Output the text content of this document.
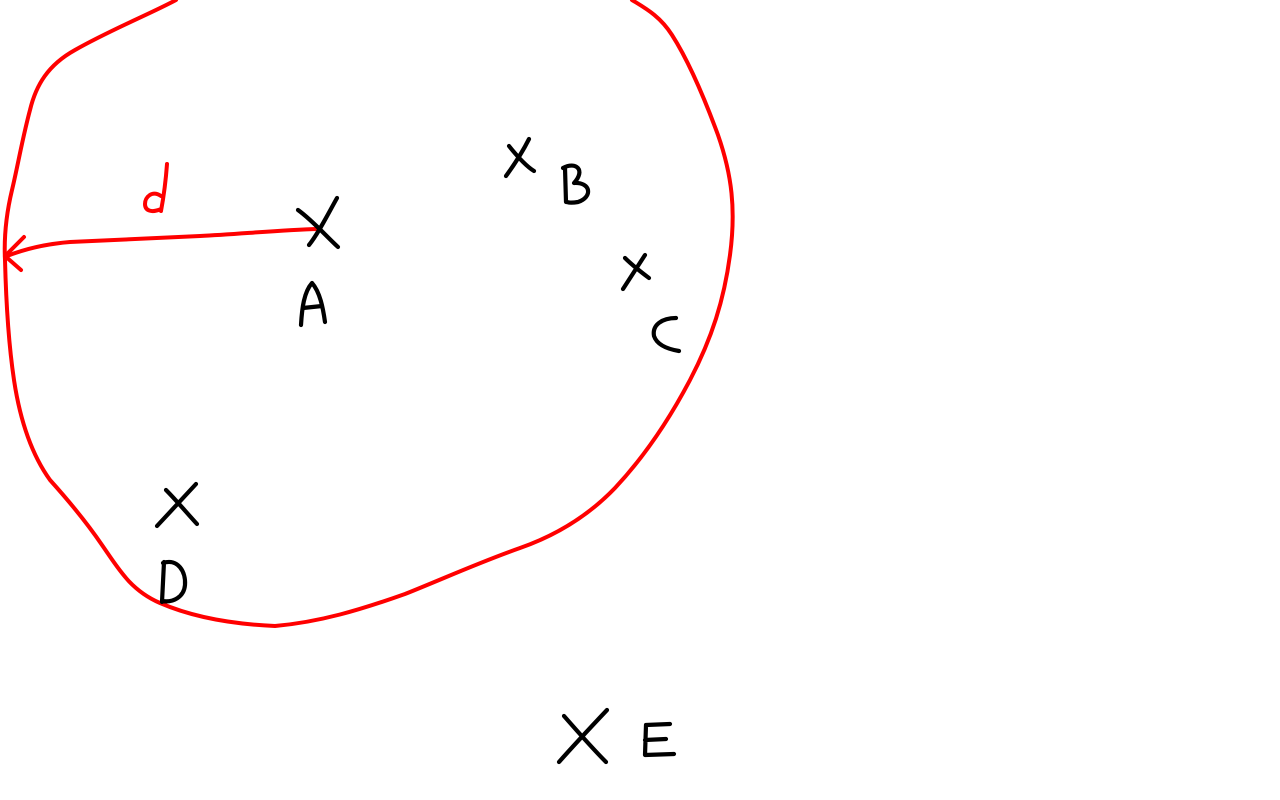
d
A
B
C
D
E
